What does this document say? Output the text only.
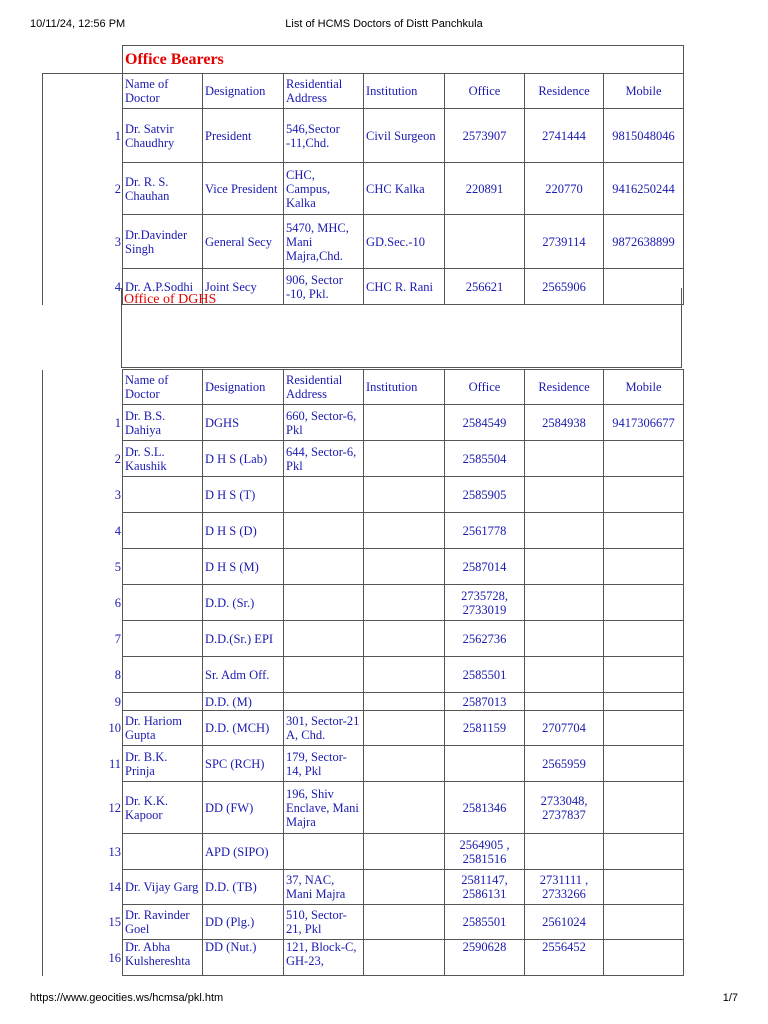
10/11/24, 12:56 PM	List of HCMS Doctors of Distt Panchkula
	Office Bearers						
	Name of Doctor	Designation	Residential Address	Institution	Office	Residence	Mobile
1	Dr. Satvir Chaudhry	President	546,Sector -11,Chd.	Civil Surgeon	2573907	2741444	9815048046
2	Dr. R. S. Chauhan	Vice President	CHC, Campus, Kalka	CHC Kalka	220891	220770	9416250244
3	Dr.Davinder Singh	General Secy	5470, MHC, Mani Majra,Chd.	GD.Sec.-10		2739114	9872638899
4	Dr. A.P.Sodhi	Joint Secy	906, Sector -10, Pkl.	CHC R. Rani	256621	2565906	
Office of DGHS
	Name of Doctor	Designation	Residential Address	Institution	Office	Residence	Mobile
1	Dr. B.S. Dahiya	DGHS	660, Sector-6, Pkl		2584549	2584938	9417306677
2	Dr. S.L. Kaushik	D H S (Lab)	644, Sector-6, Pkl		2585504		
3		D H S (T)			2585905		
4		D H S (D)			2561778		
5		D H S (M)			2587014		
6		D.D. (Sr.)			2735728, 2733019		
7		D.D.(Sr.) EPI			2562736		
8		Sr. Adm Off.			2585501		
9		D.D. (M)			2587013		
10	Dr. Hariom Gupta	D.D. (MCH)	301, Sector-21 A, Chd.		2581159	2707704	
11	Dr. B.K. Prinja	SPC (RCH)	179, Sector-14, Pkl			2565959	
12	Dr. K.K. Kapoor	DD (FW)	196, Shiv Enclave, Mani Majra		2581346	2733048, 2737837	
13		APD (SIPO)			2564905 , 2581516		
14	Dr. Vijay Garg	D.D. (TB)	37, NAC, Mani Majra		2581147, 2586131	2731111 , 2733266	
15	Dr. Ravinder Goel	DD (Plg.)	510, Sector-21, Pkl		2585501	2561024	
16	Dr. Abha Kulshereshta	DD (Nut.)	121, Block-C, GH-23,		2590628	2556452	
https://www.geocities.ws/hcmsa/pkl.htm	1/7
